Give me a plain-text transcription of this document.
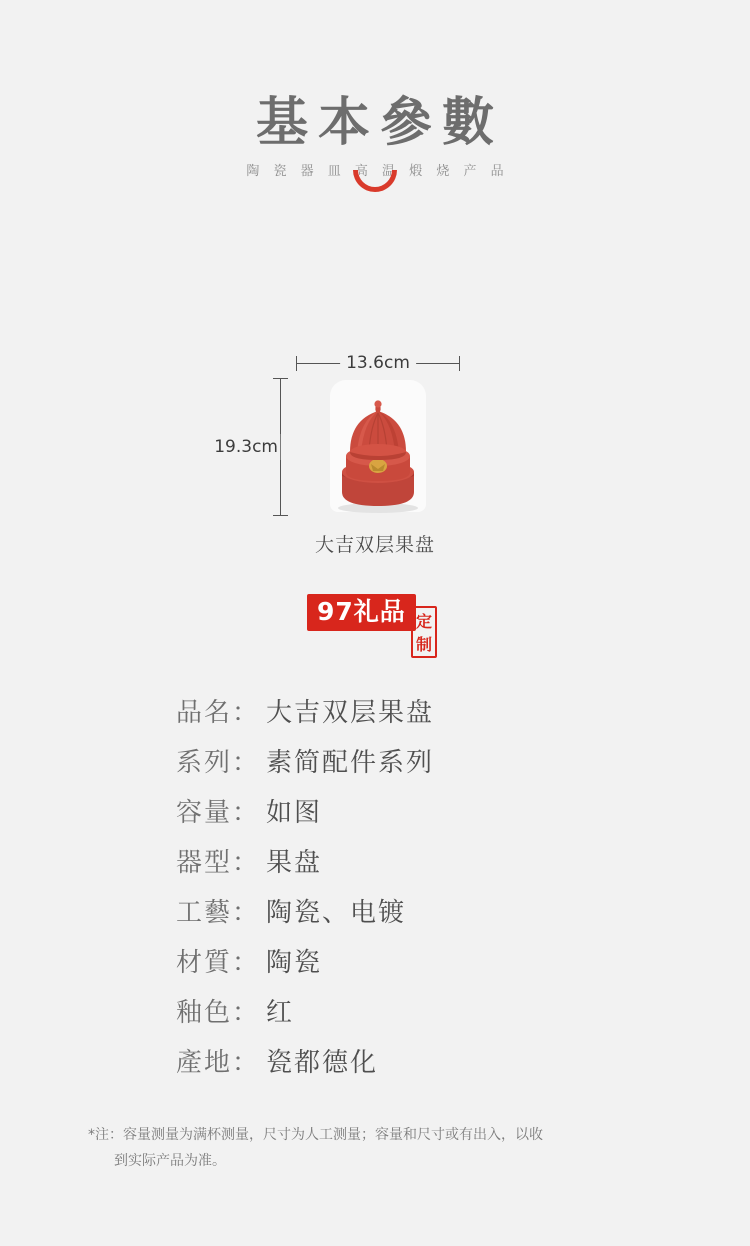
基本參數
陶 瓷 器 皿 高 温 煅 烧 产 品
13.6cm
19.3cm
大吉双层果盘
97礼品 定制
品名： 大吉双层果盘
系列： 素简配件系列
容量： 如图
器型： 果盘
工藝： 陶瓷、电镀
材質： 陶瓷
釉色： 红
產地： 瓷都德化
*注：容量测量为满杯测量，尺寸为人工测量；容量和尺寸或有出入，以收
到实际产品为准。
